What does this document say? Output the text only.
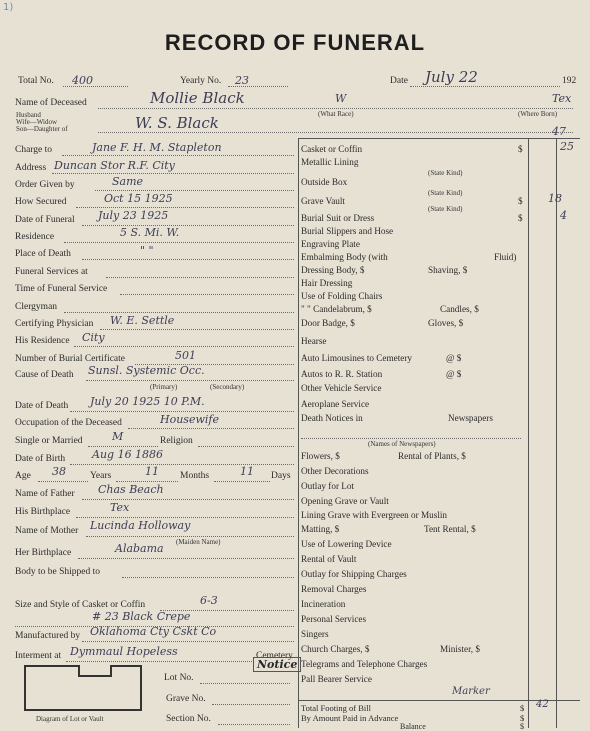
1)
RECORD OF FUNERAL
Total No. 400	Yearly No. 23	Date July 22	192
Name of Deceased	Mollie Black	W	Tex
(What Race)	(Where Born)
Husband
Wife—Widow
Son—Daughter of	W. S. Black
Charge to	Jane F. H. M. Stapleton
Address Duncan Stor R.F. City
Order Given by	Same
How Secured	Oct 15 1925
Date of Funeral July 23 1925
Residence	5 S. Mi. W.
Place of Death	" "
Funeral Services at
Time of Funeral Service
Clergyman
Certifying Physician W. E. Settle
His Residence City
Number of Burial Certificate	501
Cause of Death Sunsl. Systemic Occ.
(Primary)	(Secondary)
Date of Death July 20 1925 10 P.M.
Occupation of the Deceased	Housewife
Single or Married	M	Religion
Date of Birth Aug 16 1886
Age 38	Years	11 Months	11 Days
Name of Father Chas Beach
His Birthplace	Tex
Name of Mother Lucinda Holloway
(Maiden Name)
Her Birthplace	Alabama
Body to be Shipped to
Size and Style of Casket or Coffin	6-3
# 23 Black Crepe
Manufactured by Oklahoma Cty Cskt Co
Interment at Dymmaul Hopeless	Cemetery
Diagram of Lot or Vault
Notice
Lot No.
Grave No.
Section No.
47
Casket or Coffin	$	25
Metallic Lining
(State Kind)
Outside Box
(State Kind)
Grave Vault	$ 18
(State Kind)
Burial Suit or Dress	$	4
Burial Slippers and Hose
Engraving Plate
Embalming Body (with	Fluid)
Dressing Body, $	Shaving, $
Hair Dressing
Use of Folding Chairs
" " Candelabrum, $	Candles, $
Door Badge, $	Gloves, $
Hearse
Auto Limousines to Cemetery	@ $
Autos to R. R. Station	@ $
Other Vehicle Service
Aeroplane Service
Death Notices in	Newspapers
(Names of Newspapers)
Flowers, $	Rental of Plants, $
Other Decorations
Outlay for Lot
Opening Grave or Vault
Lining Grave with Evergreen or Muslin
Matting, $	Tent Rental, $
Use of Lowering Device
Rental of Vault
Outlay for Shipping Charges
Removal Charges
Incineration
Personal Services
Singers
Church Charges, $	Minister, $
Telegrams and Telephone Charges
Pall Bearer Service
Marker
Total Footing of Bill	$ 42
By Amount Paid in Advance	$
Balance	$
